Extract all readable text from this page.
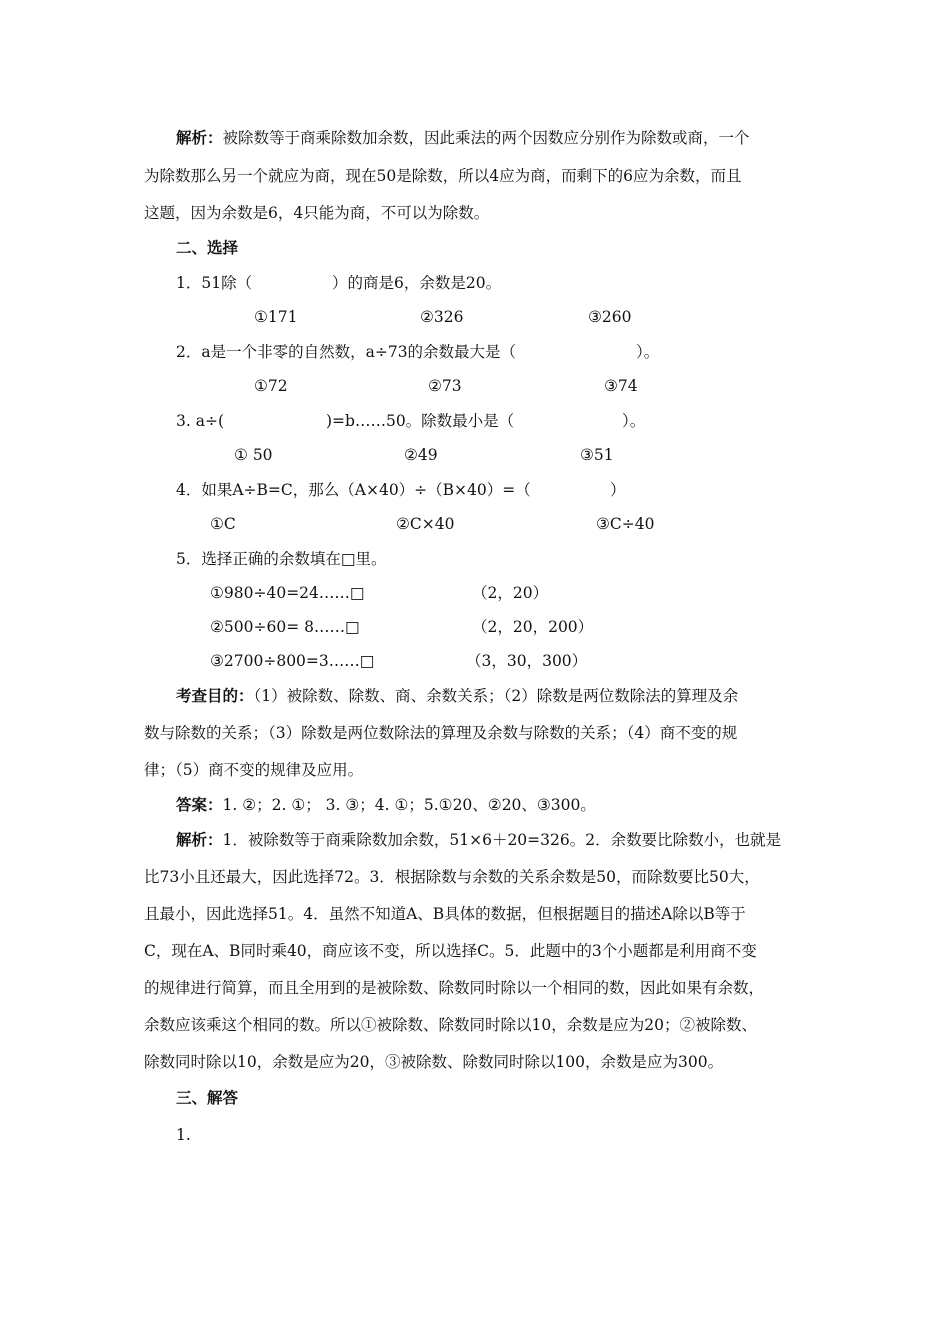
解析：被除数等于商乘除数加余数，因此乘法的两个因数应分别作为除数或商，一个
为除数那么另一个就应为商，现在50是除数，所以4应为商，而剩下的6应为余数，而且
这题，因为余数是6，4只能为商，不可以为除数。
二、选择
1．51除（	）的商是6，余数是20。
①171	②326	③260
2．a是一个非零的自然数，a÷73的余数最大是（	）。
①72	②73	③74
3. a÷(	)=b……50。除数最小是（	）。
① 50	②49	③51
4．如果A÷B=C，那么（A×40）÷（B×40）=（	）
①C	②C×40	③C÷40
5．选择正确的余数填在□里。
①980÷40=24……□	（2，20）
②500÷60= 8……□	（2，20，200）
③2700÷800=3……□	（3，30，300）
考查目的：（1）被除数、除数、商、余数关系；（2）除数是两位数除法的算理及余
数与除数的关系；（3）除数是两位数除法的算理及余数与除数的关系；（4）商不变的规
律；（5）商不变的规律及应用。
答案：1. ②；2. ①； 3. ③；4. ①；5.①20、②20、③300。
解析：1．被除数等于商乘除数加余数，51×6＋20=326。2．余数要比除数小，也就是
比73小且还最大，因此选择72。3．根据除数与余数的关系余数是50，而除数要比50大，
且最小，因此选择51。4．虽然不知道A、B具体的数据，但根据题目的描述A除以B等于
C，现在A、B同时乘40，商应该不变，所以选择C。5．此题中的3个小题都是利用商不变
的规律进行简算，而且全用到的是被除数、除数同时除以一个相同的数，因此如果有余数，
余数应该乘这个相同的数。所以①被除数、除数同时除以10，余数是应为20；②被除数、
除数同时除以10，余数是应为20，③被除数、除数同时除以100，余数是应为300。
三、解答
1.
